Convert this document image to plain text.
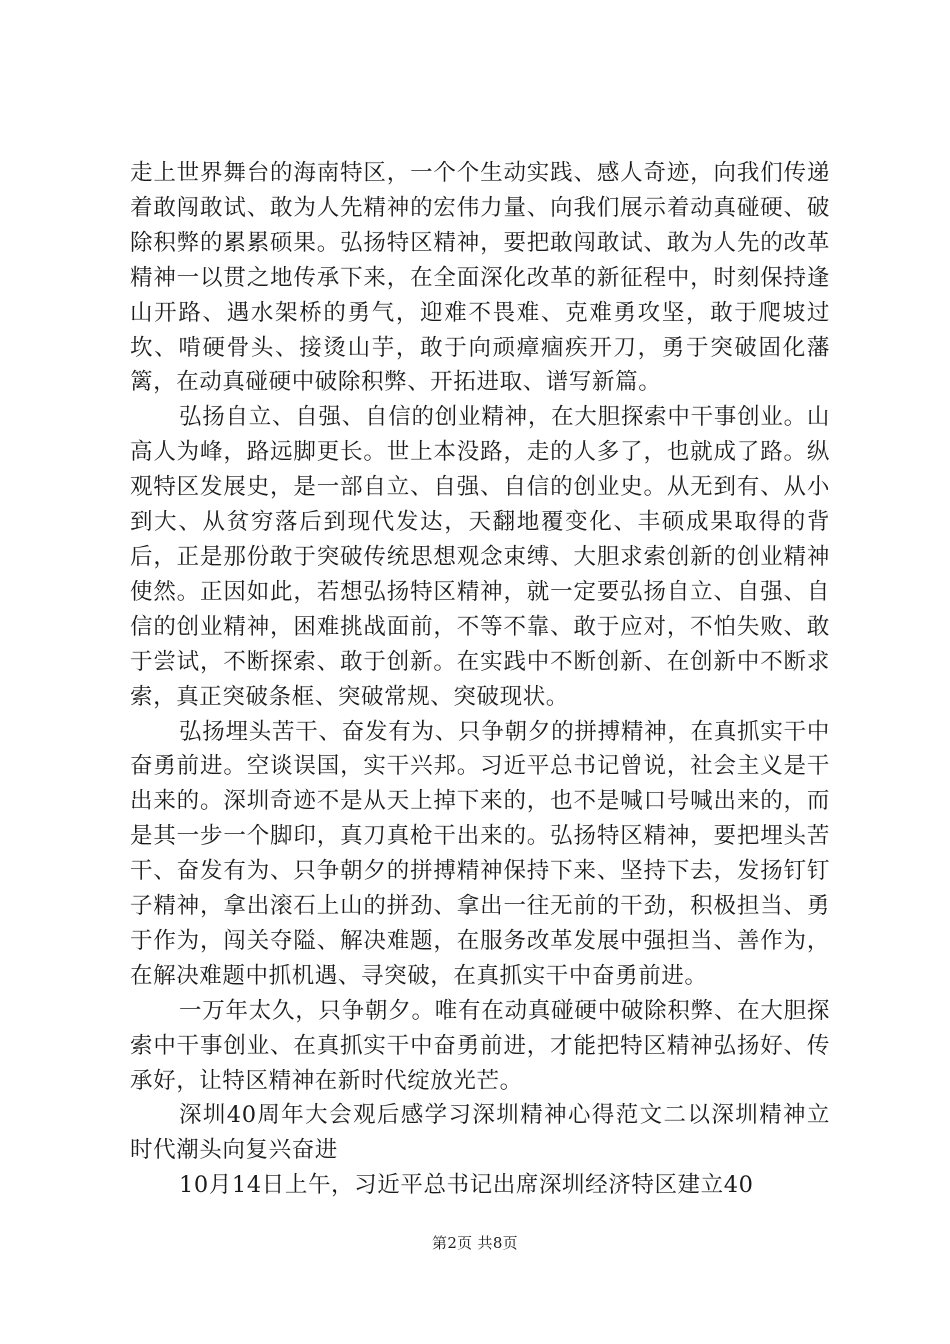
走上世界舞台的海南特区，一个个生动实践、感人奇迹，向我们传递着敢闯敢试、敢为人先精神的宏伟力量、向我们展示着动真碰硬、破除积弊的累累硕果。弘扬特区精神，要把敢闯敢试、敢为人先的改革精神一以贯之地传承下来，在全面深化改革的新征程中，时刻保持逢山开路、遇水架桥的勇气，迎难不畏难、克难勇攻坚，敢于爬坡过坎、啃硬骨头、接烫山芋，敢于向顽瘴痼疾开刀，勇于突破固化藩篱，在动真碰硬中破除积弊、开拓进取、谱写新篇。

弘扬自立、自强、自信的创业精神，在大胆探索中干事创业。山高人为峰，路远脚更长。世上本没路，走的人多了，也就成了路。纵观特区发展史，是一部自立、自强、自信的创业史。从无到有、从小到大、从贫穷落后到现代发达，天翻地覆变化、丰硕成果取得的背后，正是那份敢于突破传统思想观念束缚、大胆求索创新的创业精神使然。正因如此，若想弘扬特区精神，就一定要弘扬自立、自强、自信的创业精神，困难挑战面前，不等不靠、敢于应对，不怕失败、敢于尝试，不断探索、敢于创新。在实践中不断创新、在创新中不断求索，真正突破条框、突破常规、突破现状。

弘扬埋头苦干、奋发有为、只争朝夕的拼搏精神，在真抓实干中奋勇前进。空谈误国，实干兴邦。习近平总书记曾说，社会主义是干出来的。深圳奇迹不是从天上掉下来的，也不是喊口号喊出来的，而是其一步一个脚印，真刀真枪干出来的。弘扬特区精神，要把埋头苦干、奋发有为、只争朝夕的拼搏精神保持下来、坚持下去，发扬钉钉子精神，拿出滚石上山的拼劲、拿出一往无前的干劲，积极担当、勇于作为，闯关夺隘、解决难题，在服务改革发展中强担当、善作为，在解决难题中抓机遇、寻突破，在真抓实干中奋勇前进。

一万年太久，只争朝夕。唯有在动真碰硬中破除积弊、在大胆探索中干事创业、在真抓实干中奋勇前进，才能把特区精神弘扬好、传承好，让特区精神在新时代绽放光芒。

深圳40周年大会观后感学习深圳精神心得范文二以深圳精神立时代潮头向复兴奋进

10月14日上午，习近平总书记出席深圳经济特区建立40

第2页 共8页
